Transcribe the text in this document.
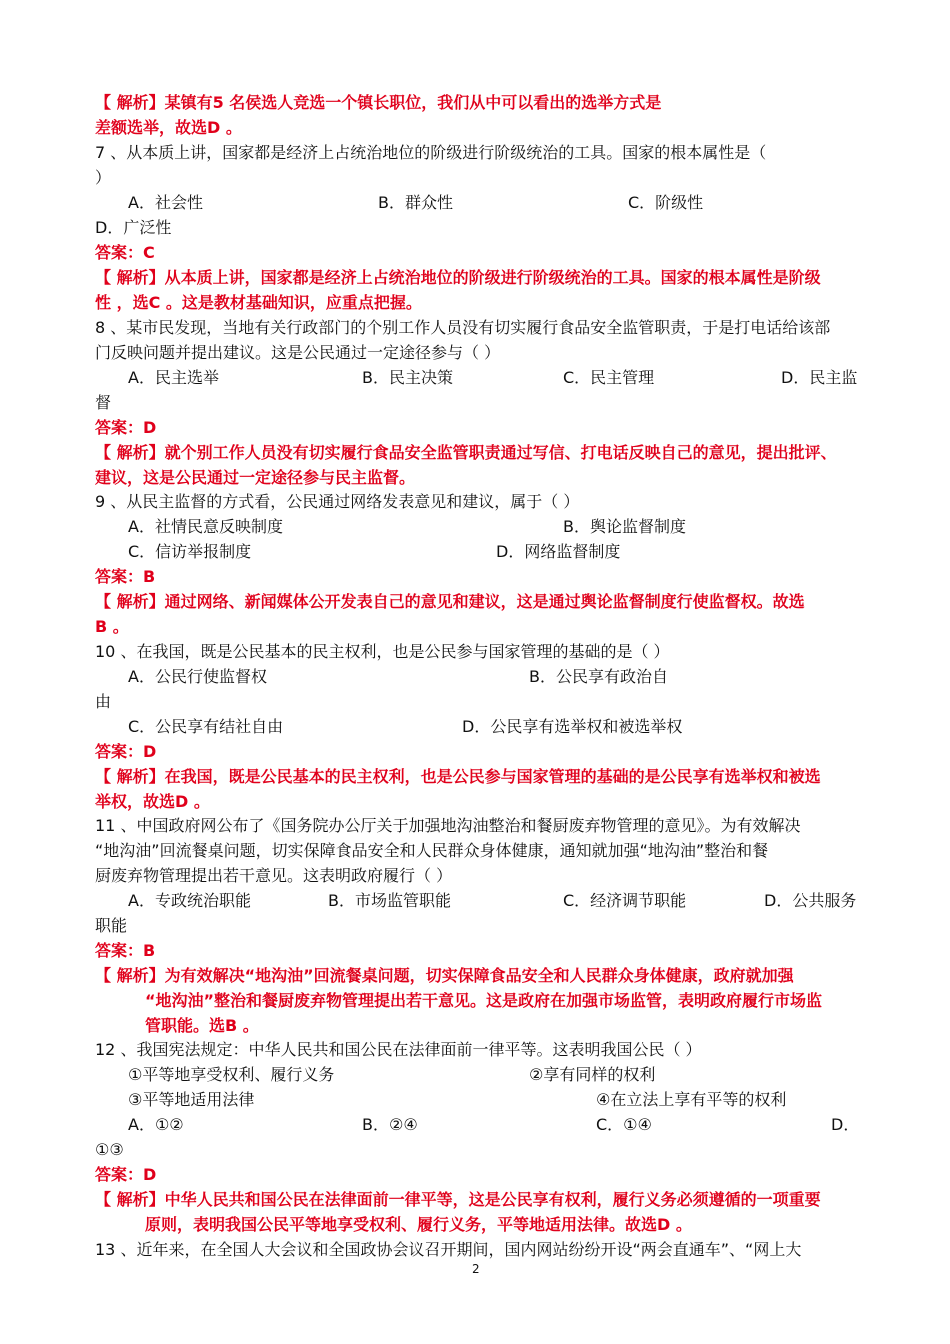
【 解析】某镇有5 名侯选人竞选一个镇长职位，我们从中可以看出的选举方式是
差额选举，故选D 。
7 、从本质上讲，国家都是经济上占统治地位的阶级进行阶级统治的工具。国家的根本属性是（
）
A．社会性	B．群众性	C．阶级性
D．广泛性
答案：C
【 解析】从本质上讲，国家都是经济上占统治地位的阶级进行阶级统治的工具。国家的根本属性是阶级
性 ，选C 。这是教材基础知识，应重点把握。
8 、某市民发现，当地有关行政部门的个别工作人员没有切实履行食品安全监管职责，于是打电话给该部
门反映问题并提出建议。这是公民通过一定途径参与（ ）
A．民主选举	B．民主决策	C．民主管理	D．民主监
督
答案：D
【 解析】就个别工作人员没有切实履行食品安全监管职责通过写信、打电话反映自己的意见，提出批评、
建议，这是公民通过一定途径参与民主监督。
9 、从民主监督的方式看，公民通过网络发表意见和建议，属于（ ）
A．社情民意反映制度	B．舆论监督制度
C．信访举报制度	D．网络监督制度
答案：B
【 解析】通过网络、新闻媒体公开发表自己的意见和建议，这是通过舆论监督制度行使监督权。故选
B 。
10 、在我国，既是公民基本的民主权利，也是公民参与国家管理的基础的是（ ）
A．公民行使监督权	B．公民享有政治自
由
C．公民享有结社自由	D．公民享有选举权和被选举权
答案：D
【 解析】在我国，既是公民基本的民主权利，也是公民参与国家管理的基础的是公民享有选举权和被选
举权，故选D 。
11 、中国政府网公布了《国务院办公厅关于加强地沟油整治和餐厨废弃物管理的意见》。为有效解决
“地沟油”回流餐桌问题，切实保障食品安全和人民群众身体健康，通知就加强“地沟油”整治和餐
厨废弃物管理提出若干意见。这表明政府履行（ ）
A．专政统治职能	B．市场监管职能	C．经济调节职能	D．公共服务
职能
答案：B
【 解析】为有效解决“地沟油”回流餐桌问题，切实保障食品安全和人民群众身体健康，政府就加强
“地沟油”整治和餐厨废弃物管理提出若干意见。这是政府在加强市场监管，表明政府履行市场监
管职能。选B 。
12 、我国宪法规定：中华人民共和国公民在法律面前一律平等。这表明我国公民（ ）
①平等地享受权利、履行义务	②享有同样的权利
③平等地适用法律	④在立法上享有平等的权利
A．①②	B．②④	C．①④	D．
①③
答案：D
【 解析】中华人民共和国公民在法律面前一律平等，这是公民享有权利，履行义务必须遵循的一项重要
原则，表明我国公民平等地享受权利、履行义务，平等地适用法律。故选D 。
13 、近年来，在全国人大会议和全国政协会议召开期间，国内网站纷纷开设“两会直通车”、“网上大
2
